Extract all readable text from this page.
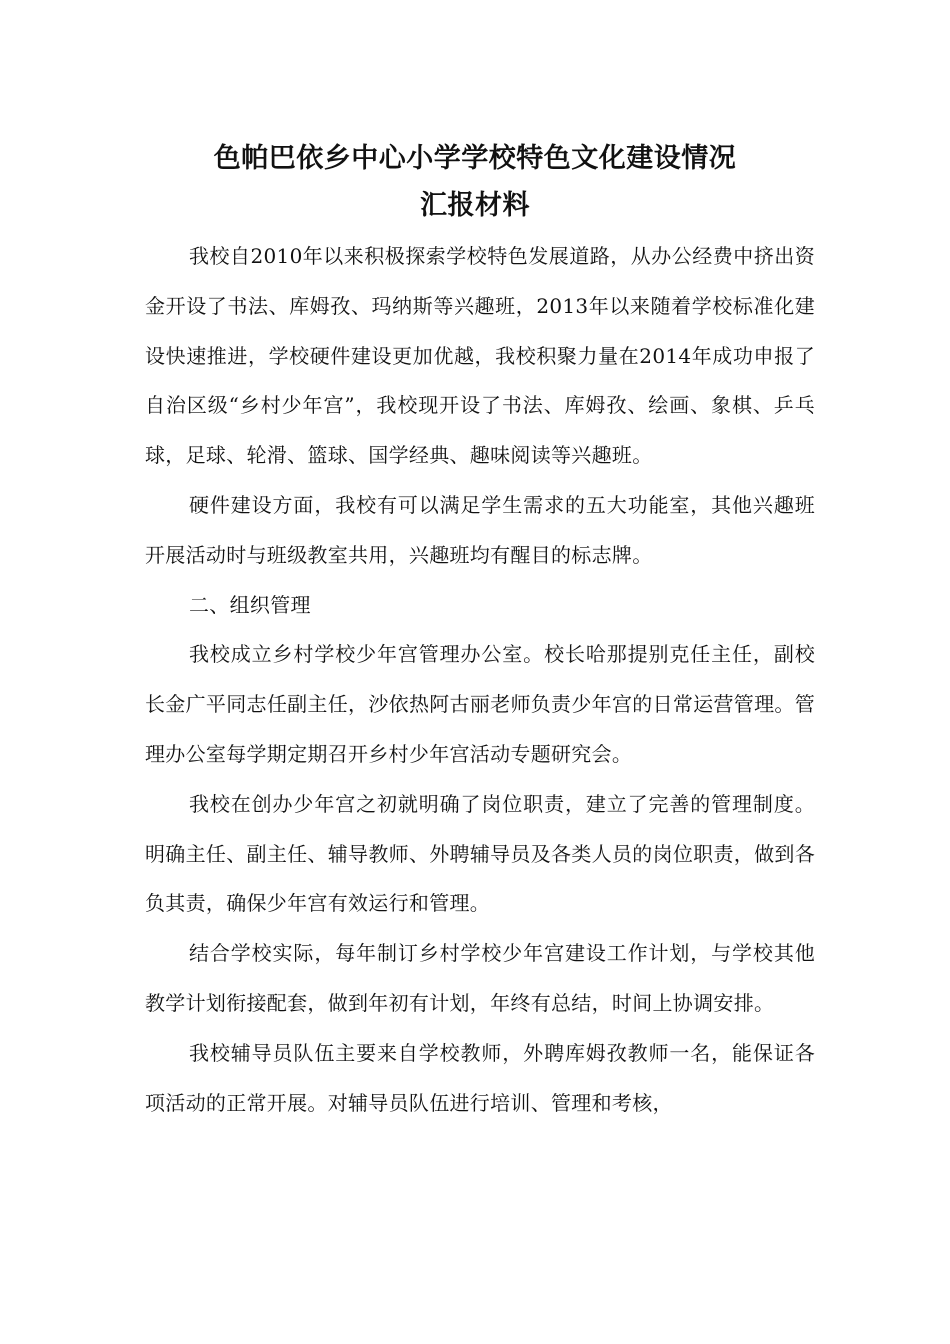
色帕巴依乡中心小学学校特色文化建设情况
汇报材料

我校自2010年以来积极探索学校特色发展道路，从办公经费中挤出资金开设了书法、库姆孜、玛纳斯等兴趣班，2013年以来随着学校标准化建设快速推进，学校硬件建设更加优越，我校积聚力量在2014年成功申报了自治区级“乡村少年宫”，我校现开设了书法、库姆孜、绘画、象棋、乒乓球，足球、轮滑、篮球、国学经典、趣味阅读等兴趣班。

硬件建设方面，我校有可以满足学生需求的五大功能室，其他兴趣班开展活动时与班级教室共用，兴趣班均有醒目的标志牌。

二、组织管理

我校成立乡村学校少年宫管理办公室。校长哈那提别克任主任，副校长金广平同志任副主任，沙依热阿古丽老师负责少年宫的日常运营管理。管理办公室每学期定期召开乡村少年宫活动专题研究会。

我校在创办少年宫之初就明确了岗位职责，建立了完善的管理制度。明确主任、副主任、辅导教师、外聘辅导员及各类人员的岗位职责，做到各负其责，确保少年宫有效运行和管理。

结合学校实际，每年制订乡村学校少年宫建设工作计划，与学校其他教学计划衔接配套，做到年初有计划，年终有总结，时间上协调安排。

我校辅导员队伍主要来自学校教师，外聘库姆孜教师一名，能保证各项活动的正常开展。对辅导员队伍进行培训、管理和考核，
